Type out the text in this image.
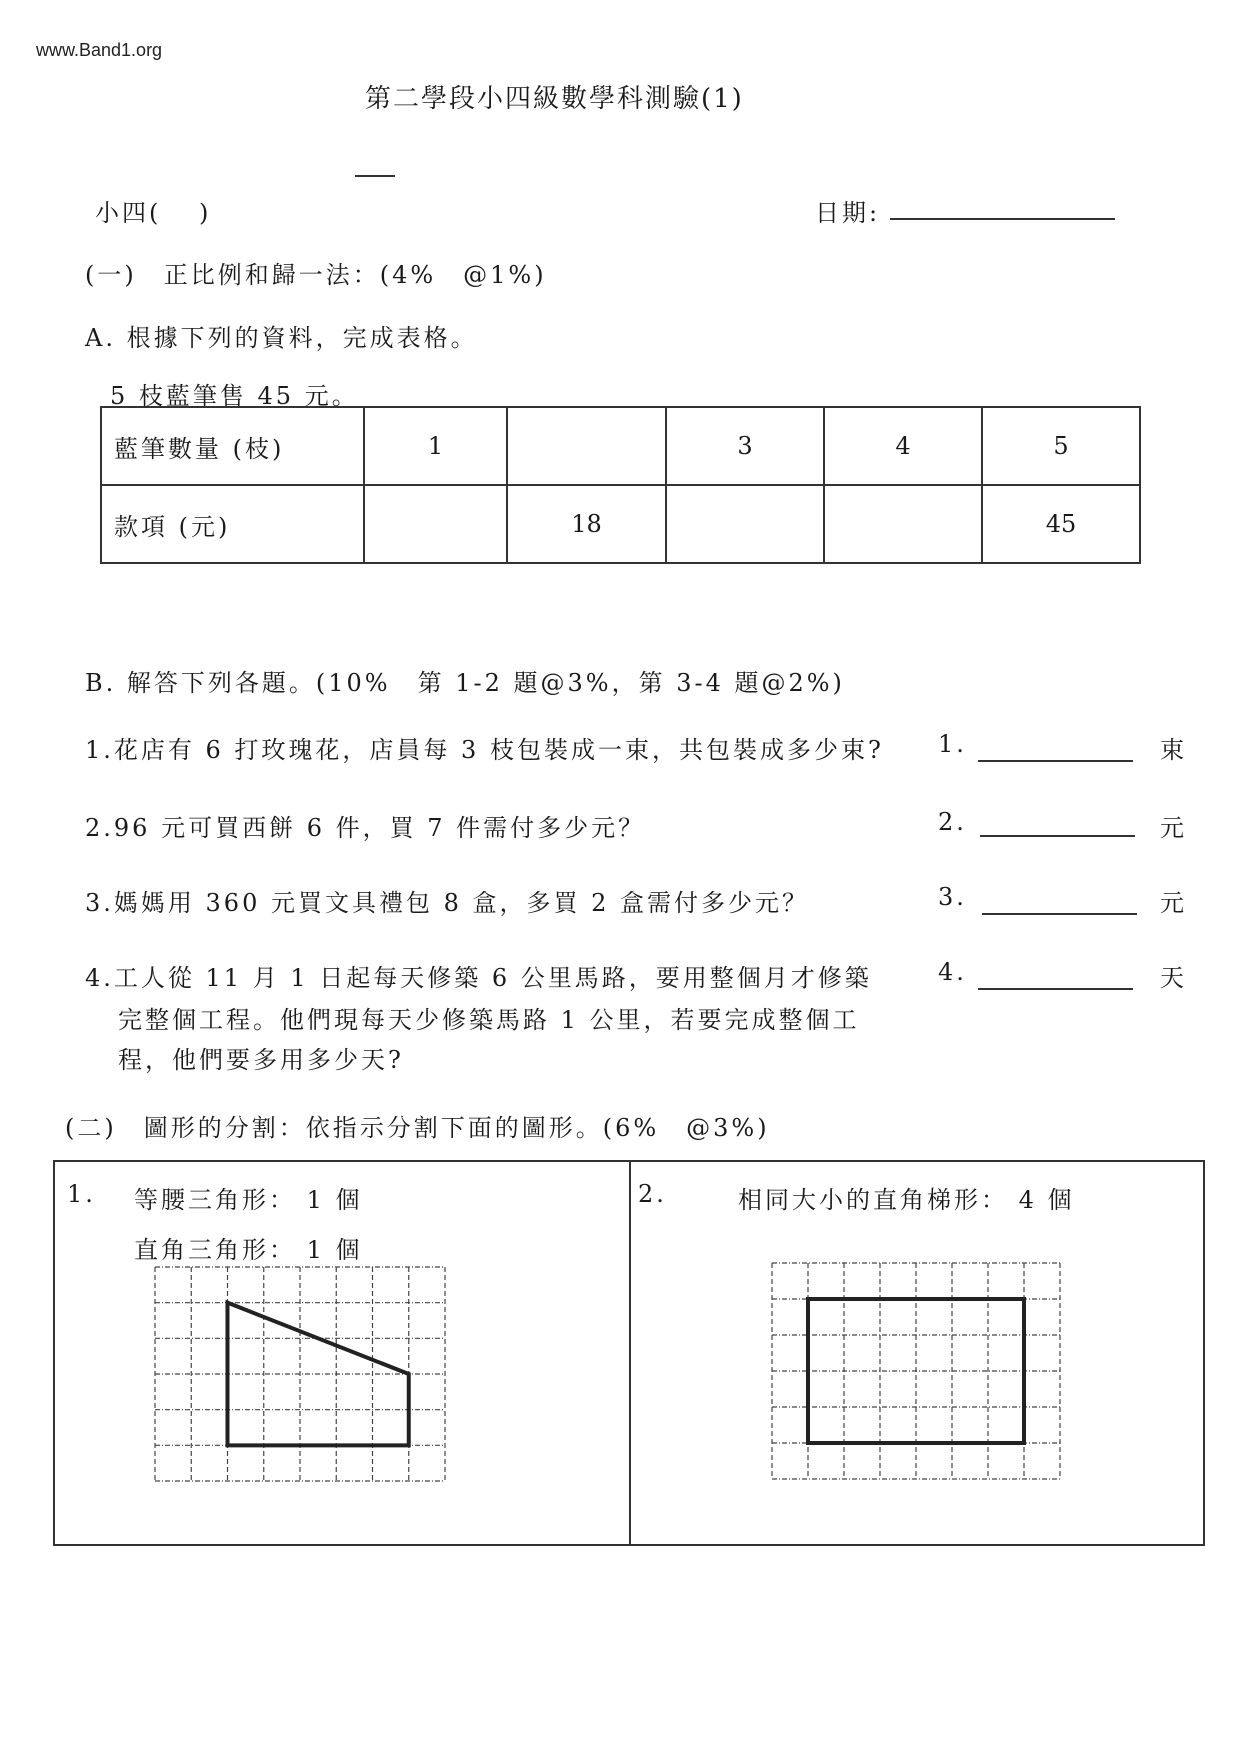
www.Band1.org
第二學段小四級數學科測驗(1)
小四(　 )	日期:
(一)　正比例和歸一法：(4%　@1%)
A. 根據下列的資料，完成表格。
5 枝藍筆售 45 元。
藍筆數量 (枝)	1		3	4	5
款項 (元)		18			45
B. 解答下列各題。(10%　第 1-2 題@3%，第 3-4 題@2%)
1.花店有 6 打玫瑰花，店員每 3 枝包裝成一束，共包裝成多少束? 1.	束
2.96 元可買西餅 6 件，買 7 件需付多少元？	2.	元
3.媽媽用 360 元買文具禮包 8 盒，多買 2 盒需付多少元？	3.	元
4.工人從 11 月 1 日起每天修築 6 公里馬路，要用整個月才修築
完整個工程。他們現每天少修築馬路 1 公里，若要完成整個工
程，他們要多用多少天?
4.	天
(二)　圖形的分割：依指示分割下面的圖形。(6%　@3%)
1. 等腰三角形： 1 個
直角三角形： 1 個
2.	相同大小的直角梯形： 4 個
